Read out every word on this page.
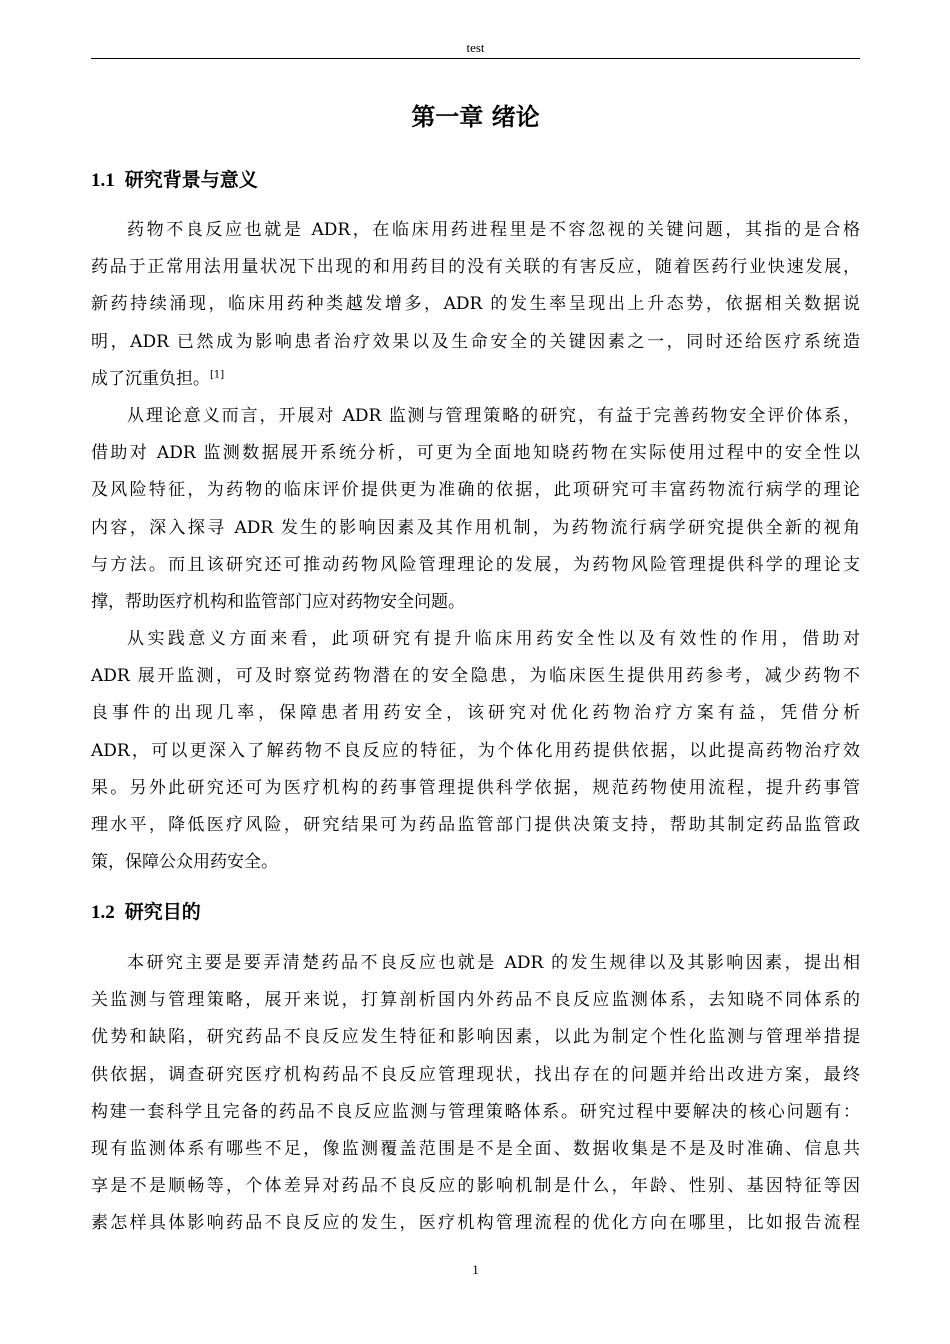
test
第一章 绪论
1.1 研究背景与意义
药物不良反应也就是 ADR，在临床用药进程里是不容忽视的关键问题，其指的是合格
药品于正常用法用量状况下出现的和用药目的没有关联的有害反应，随着医药行业快速发展，
新药持续涌现，临床用药种类越发增多，ADR 的发生率呈现出上升态势，依据相关数据说
明，ADR 已然成为影响患者治疗效果以及生命安全的关键因素之一，同时还给医疗系统造
成了沉重负担。[1]
从理论意义而言，开展对 ADR 监测与管理策略的研究，有益于完善药物安全评价体系，
借助对 ADR 监测数据展开系统分析，可更为全面地知晓药物在实际使用过程中的安全性以
及风险特征，为药物的临床评价提供更为准确的依据，此项研究可丰富药物流行病学的理论
内容，深入探寻 ADR 发生的影响因素及其作用机制，为药物流行病学研究提供全新的视角
与方法。而且该研究还可推动药物风险管理理论的发展，为药物风险管理提供科学的理论支
撑，帮助医疗机构和监管部门应对药物安全问题。
从实践意义方面来看，此项研究有提升临床用药安全性以及有效性的作用，借助对
ADR 展开监测，可及时察觉药物潜在的安全隐患，为临床医生提供用药参考，减少药物不
良事件的出现几率，保障患者用药安全，该研究对优化药物治疗方案有益，凭借分析
ADR，可以更深入了解药物不良反应的特征，为个体化用药提供依据，以此提高药物治疗效
果。另外此研究还可为医疗机构的药事管理提供科学依据，规范药物使用流程，提升药事管
理水平，降低医疗风险，研究结果可为药品监管部门提供决策支持，帮助其制定药品监管政
策，保障公众用药安全。
1.2 研究目的
本研究主要是要弄清楚药品不良反应也就是 ADR 的发生规律以及其影响因素，提出相
关监测与管理策略，展开来说，打算剖析国内外药品不良反应监测体系，去知晓不同体系的
优势和缺陷，研究药品不良反应发生特征和影响因素，以此为制定个性化监测与管理举措提
供依据，调查研究医疗机构药品不良反应管理现状，找出存在的问题并给出改进方案，最终
构建一套科学且完备的药品不良反应监测与管理策略体系。研究过程中要解决的核心问题有：
现有监测体系有哪些不足，像监测覆盖范围是不是全面、数据收集是不是及时准确、信息共
享是不是顺畅等，个体差异对药品不良反应的影响机制是什么，年龄、性别、基因特征等因
素怎样具体影响药品不良反应的发生，医疗机构管理流程的优化方向在哪里，比如报告流程
1
